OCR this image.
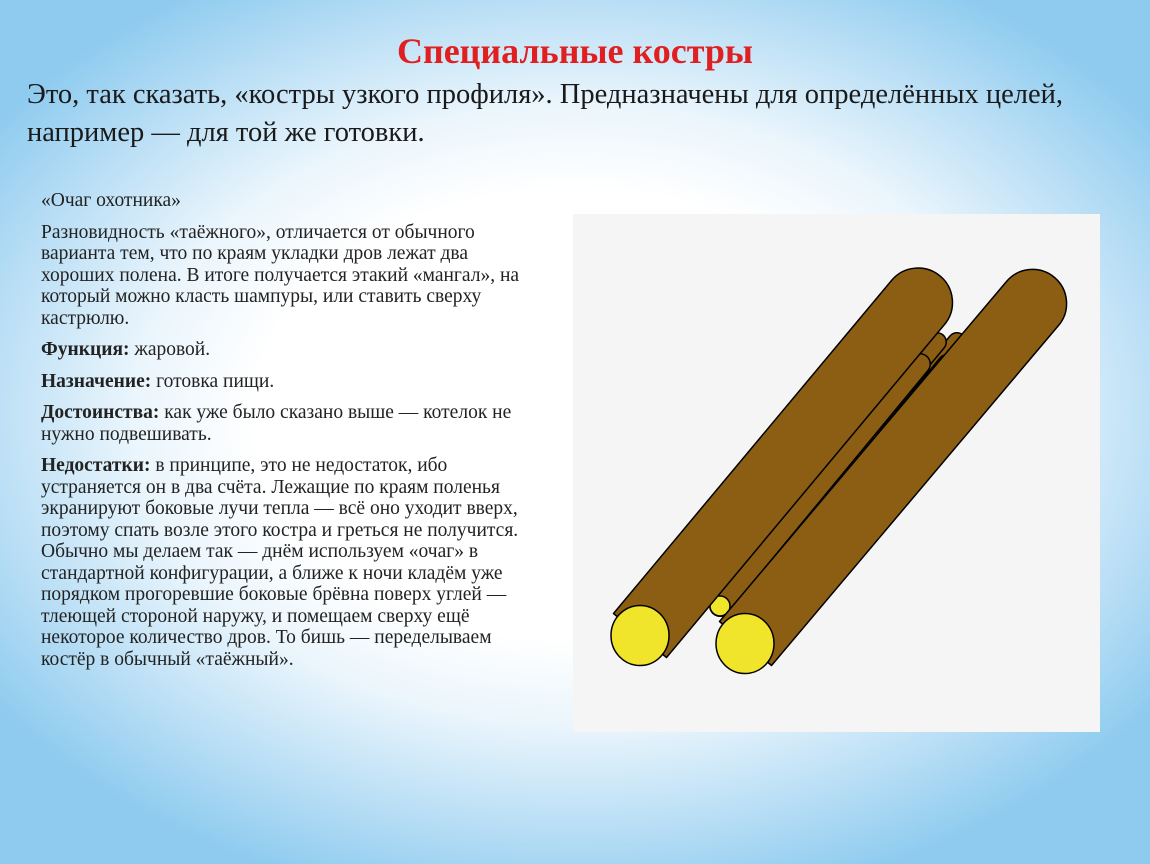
Специальные костры

Это, так сказать, «костры узкого профиля». Предназначены для определённых целей, например — для той же готовки.

«Очаг охотника»

Разновидность «таёжного», отличается от обычного варианта тем, что по краям укладки дров лежат два хороших полена. В итоге получается этакий «мангал», на который можно класть шампуры, или ставить сверху кастрюлю.

Функция: жаровой.

Назначение: готовка пищи.

Достоинства: как уже было сказано выше — котелок не нужно подвешивать.

Недостатки: в принципе, это не недостаток, ибо устраняется он в два счёта. Лежащие по краям поленья экранируют боковые лучи тепла — всё оно уходит вверх, поэтому спать возле этого костра и греться не получится. Обычно мы делаем так — днём используем «очаг» в стандартной конфигурации, а ближе к ночи кладём уже порядком прогоревшие боковые брёвна поверх углей — тлеющей стороной наружу, и помещаем сверху ещё некоторое количество дров. То бишь — переделываем костёр в обычный «таёжный».
